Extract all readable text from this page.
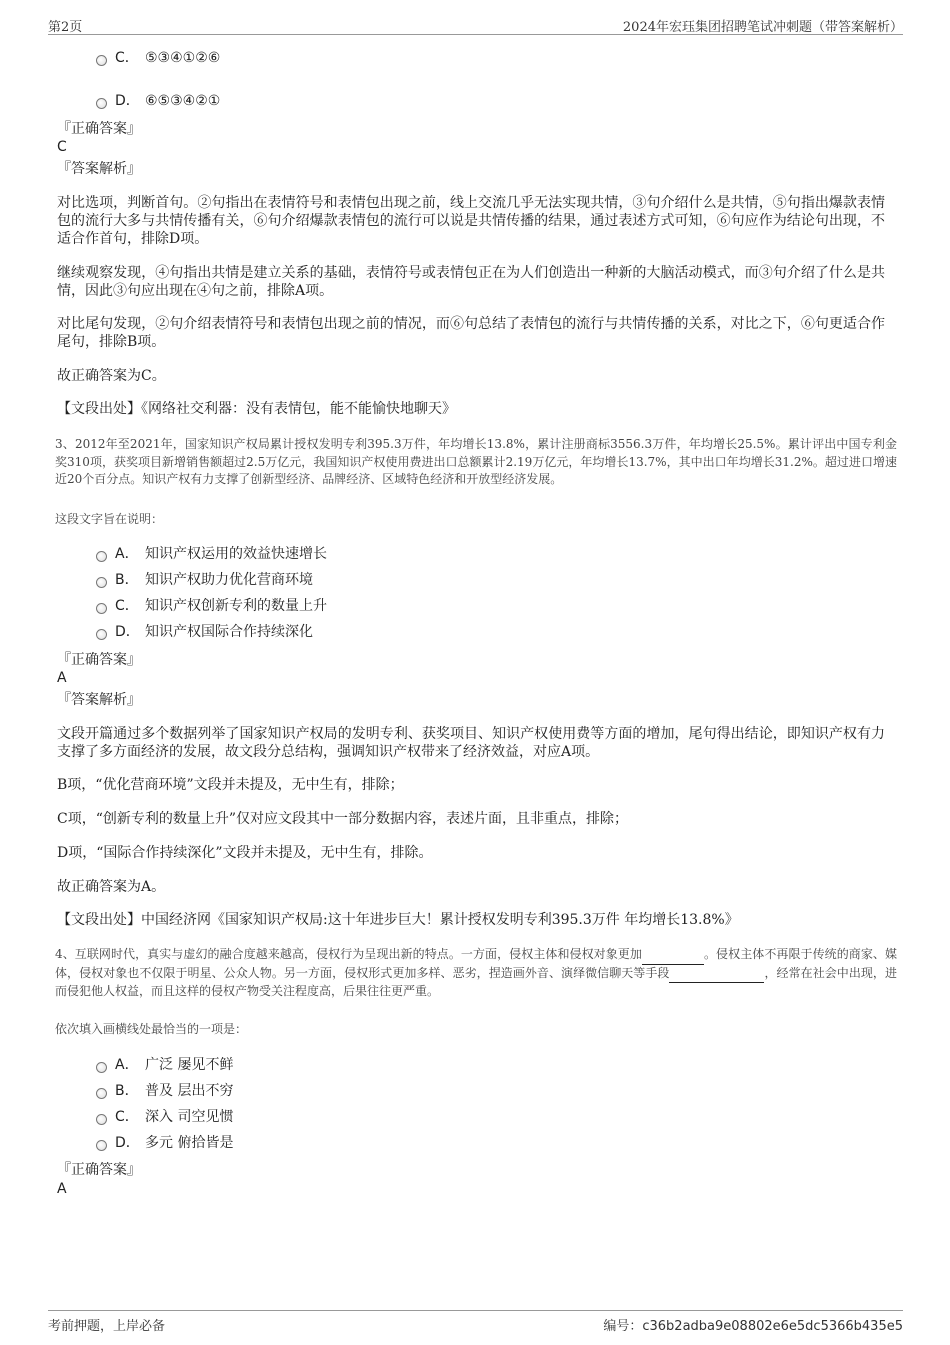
第2页	2024年宏珏集团招聘笔试冲刺题（带答案解析）
C． ⑤③④①②⑥
D． ⑥⑤③④②①
『正确答案』
C
『答案解析』
对比选项，判断首句。②句指出在表情符号和表情包出现之前，线上交流几乎无法实现共情，③句介绍什么是共情，⑤句指出爆款表情包的流行大多与共情传播有关，⑥句介绍爆款表情包的流行可以说是共情传播的结果，通过表述方式可知，⑥句应作为结论句出现，不适合作首句，排除D项。
继续观察发现，④句指出共情是建立关系的基础，表情符号或表情包正在为人们创造出一种新的大脑活动模式，而③句介绍了什么是共情，因此③句应出现在④句之前，排除A项。
对比尾句发现，②句介绍表情符号和表情包出现之前的情况，而⑥句总结了表情包的流行与共情传播的关系，对比之下，⑥句更适合作尾句，排除B项。
故正确答案为C。
【文段出处】《网络社交利器：没有表情包，能不能愉快地聊天》
3、2012年至2021年，国家知识产权局累计授权发明专利395.3万件，年均增长13.8%，累计注册商标3556.3万件，年均增长25.5%。累计评出中国专利金奖310项，获奖项目新增销售额超过2.5万亿元，我国知识产权使用费进出口总额累计2.19万亿元，年均增长13.7%，其中出口年均增长31.2%。超过进口增速近20个百分点。知识产权有力支撑了创新型经济、品牌经济、区域特色经济和开放型经济发展。
这段文字旨在说明：
A． 知识产权运用的效益快速增长
B． 知识产权助力优化营商环境
C． 知识产权创新专利的数量上升
D． 知识产权国际合作持续深化
『正确答案』
A
『答案解析』
文段开篇通过多个数据列举了国家知识产权局的发明专利、获奖项目、知识产权使用费等方面的增加，尾句得出结论，即知识产权有力支撑了多方面经济的发展，故文段分总结构，强调知识产权带来了经济效益，对应A项。
B项，“优化营商环境”文段并未提及，无中生有，排除；
C项，“创新专利的数量上升”仅对应文段其中一部分数据内容，表述片面，且非重点，排除；
D项，“国际合作持续深化”文段并未提及，无中生有，排除。
故正确答案为A。
【文段出处】中国经济网《国家知识产权局:这十年进步巨大！累计授权发明专利395.3万件 年均增长13.8%》
4、互联网时代，真实与虚幻的融合度越来越高，侵权行为呈现出新的特点。一方面，侵权主体和侵权对象更加	。侵权主体不再限于传统的商家、媒体，侵权对象也不仅限于明星、公众人物。另一方面，侵权形式更加多样、恶劣，捏造画外音、演绎微信聊天等手段	，经常在社会中出现，进而侵犯他人权益，而且这样的侵权产物受关注程度高，后果往往更严重。
依次填入画横线处最恰当的一项是：
A． 广泛 屡见不鲜
B． 普及 层出不穷
C． 深入 司空见惯
D． 多元 俯拾皆是
『正确答案』
A
考前押题，上岸必备	编号：c36b2adba9e08802e6e5dc5366b435e5
